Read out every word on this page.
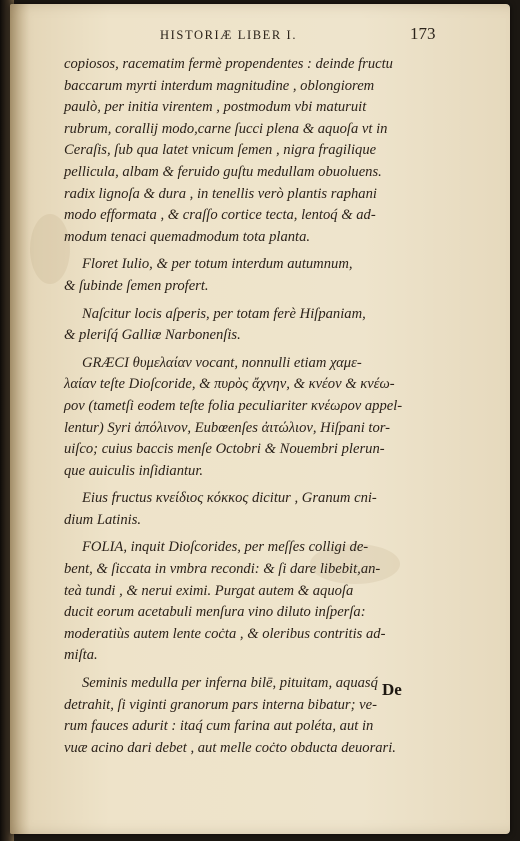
HISTORIÆ LIBER I.	173
copiosos, racematim fermè propendentes : deinde fructu
baccarum myrti interdum magnitudine , oblongiorem
paulò, per initia virentem , postmodum vbi maturuit
rubrum, corallij modo,carne ſucci plena & aquoſa vt in
Ceraſis, ſub qua latet vnicum ſemen , nigra fragilique
pellicula, albam & feruido guſtu medullam obuoluens.
radix lignoſa & dura , in tenellis verò plantis raphani
modo efformata , & craſſo cortice tecta, lentoq́ & ad-
modum tenaci quemadmodum tota planta.
Floret Iulio, & per totum interdum autumnum,
& ſubinde ſemen profert.
Naſcitur locis aſperis, per totam ferè Hiſpaniam,
& pleriſq́ Galliæ Narbonenſis.
GRÆCI θυμελαίαν vocant, nonnulli etiam χαμε-
λαίαν teſte Dioſcoride, & πυρὸς ἄχνην, & κνέον & κνέω-
ρον (tametſi eodem teſte folia peculiariter κνέωρον appel-
lentur) Syri ἀπόλινον, Eubœenſes ἀιτώλιον, Hiſpani tor-
uiſco; cuius baccis menſe Octobri & Nouembri plerun-
que auiculis inſidiantur.
Eius fructus κνείδιος κόκκος dicitur , Granum cni-
dium Latinis.
FOLIA, inquit Dioſcorides, per meſſes colligi de-
bent, & ſiccata in vmbra recondi: & ſi dare libebit,an-
teà tundi , & nerui eximi. Purgat autem & aquoſa
ducit eorum acetabuli menſura vino diluto inſperſa:
moderatiùs autem lente coċta , & oleribus contritis ad-
miſta.
Seminis medulla per inferna bilē, pituitam, aquasq́
detrahit, ſi viginti granorum pars interna bibatur; ve-
rum fauces adurit : itaq́ cum farina aut poléta, aut in
vuæ acino dari debet , aut melle coċto obducta deuorari.
De
